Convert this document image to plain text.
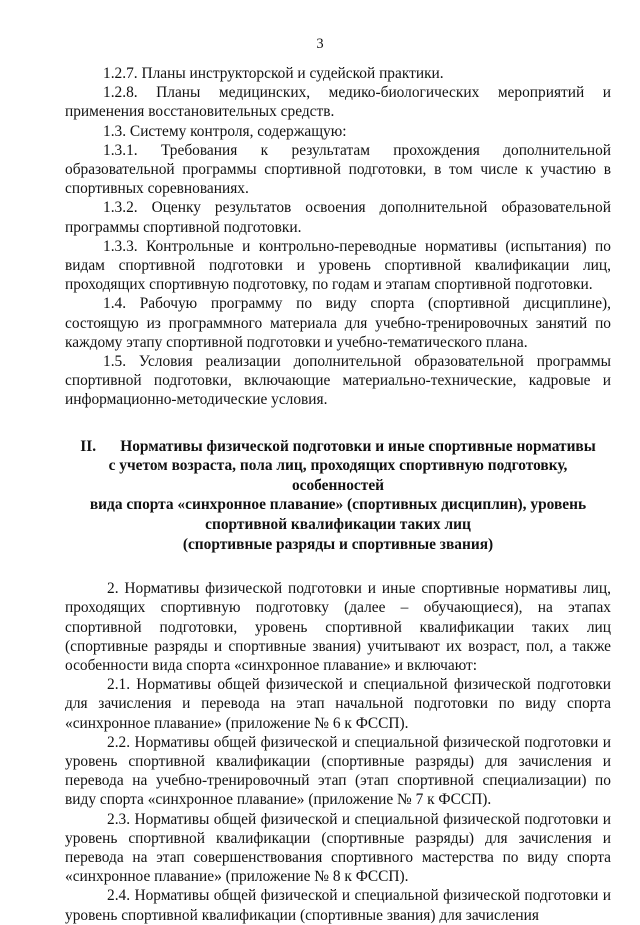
3

1.2.7. Планы инструкторской и судейской практики.

1.2.8. Планы медицинских, медико-биологических мероприятий и применения восстановительных средств.

1.3. Систему контроля, содержащую:

1.3.1. Требования к результатам прохождения дополнительной образовательной программы спортивной подготовки, в том числе к участию в спортивных соревнованиях.

1.3.2. Оценку результатов освоения дополнительной образовательной программы спортивной подготовки.

1.3.3. Контрольные и контрольно-переводные нормативы (испытания) по видам спортивной подготовки и уровень спортивной квалификации лиц, проходящих спортивную подготовку, по годам и этапам спортивной подготовки.

1.4. Рабочую программу по виду спорта (спортивной дисциплине), состоящую из программного материала для учебно-тренировочных занятий по каждому этапу спортивной подготовки и учебно-тематического плана.

1.5. Условия реализации дополнительной образовательной программы спортивной подготовки, включающие материально-технические, кадровые и информационно-методические условия.

II. Нормативы физической подготовки и иные спортивные нормативы
с учетом возраста, пола лиц, проходящих спортивную подготовку, особенностей
вида спорта «синхронное плавание» (спортивных дисциплин), уровень
спортивной квалификации таких лиц
(спортивные разряды и спортивные звания)

2. Нормативы физической подготовки и иные спортивные нормативы лиц, проходящих спортивную подготовку (далее – обучающиеся), на этапах спортивной подготовки, уровень спортивной квалификации таких лиц (спортивные разряды и спортивные звания) учитывают их возраст, пол, а также особенности вида спорта «синхронное плавание» и включают:

2.1. Нормативы общей физической и специальной физической подготовки для зачисления и перевода на этап начальной подготовки по виду спорта «синхронное плавание» (приложение № 6 к ФССП).

2.2. Нормативы общей физической и специальной физической подготовки и уровень спортивной квалификации (спортивные разряды) для зачисления и перевода на учебно-тренировочный этап (этап спортивной специализации) по виду спорта «синхронное плавание» (приложение № 7 к ФССП).

2.3. Нормативы общей физической и специальной физической подготовки и уровень спортивной квалификации (спортивные разряды) для зачисления и перевода на этап совершенствования спортивного мастерства по виду спорта «синхронное плавание» (приложение № 8 к ФССП).

2.4. Нормативы общей физической и специальной физической подготовки и уровень спортивной квалификации (спортивные звания) для зачисления
